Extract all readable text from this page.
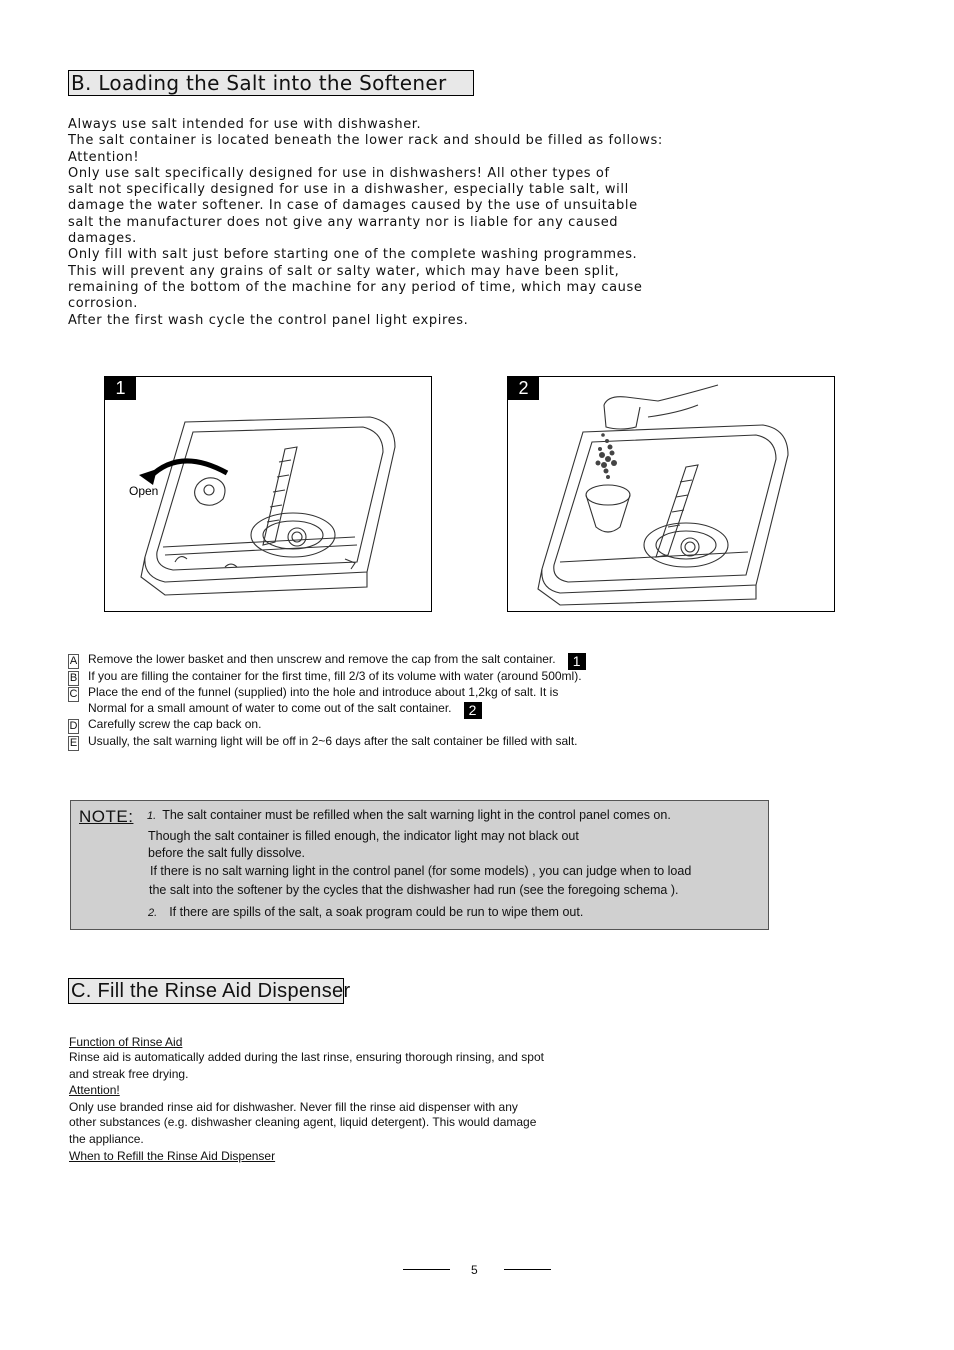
B. Loading the Salt into the Softener

Always use salt intended for use with dishwasher.

The salt container is located beneath the lower rack and should be filled as follows:

Attention!

Only use salt specifically designed for use in dishwashers! All other types of

salt not specifically designed for use in a dishwasher, especially table salt, will

damage the water softener. In case of damages caused by the use of unsuitable

salt the manufacturer does not give any warranty nor is liable for any caused

damages.

Only fill with salt just before starting one of the complete washing programmes.

This will prevent any grains of salt or salty water, which may have been split,

remaining of the bottom of the machine for any period of time, which may cause

corrosion.

After the first wash cycle the control panel light expires.

1
Open
2
A Remove the lower basket and then unscrew and remove the cap from the salt container. 1
B If you are filling the container for the first time, fill 2/3 of its volume with water (around 500ml).
C Place the end of the funnel (supplied) into the hole and introduce about 1,2kg of salt. It is
Normal for a small amount of water to come out of the salt container. 2
D Carefully screw the cap back on.
E Usually, the salt warning light will be off in 2~6 days after the salt container be filled with salt.
NOTE: 1. The salt container must be refilled when the salt warning light in the control panel comes on.
Though the salt container is filled enough, the indicator light may not black out
before the salt fully dissolve.
If there is no salt warning light in the control panel (for some models) , you can judge when to load
the salt into the softener by the cycles that the dishwasher had run (see the foregoing schema ).
2. If there are spills of the salt, a soak program could be run to wipe them out.
C. Fill the Rinse Aid Dispenser
Function of Rinse Aid
Rinse aid is automatically added during the last rinse, ensuring thorough rinsing, and spot
and streak free drying.
Attention!
Only use branded rinse aid for dishwasher. Never fill the rinse aid dispenser with any
other substances (e.g. dishwasher cleaning agent, liquid detergent). This would damage
the appliance.
When to Refill the Rinse Aid Dispenser
5
